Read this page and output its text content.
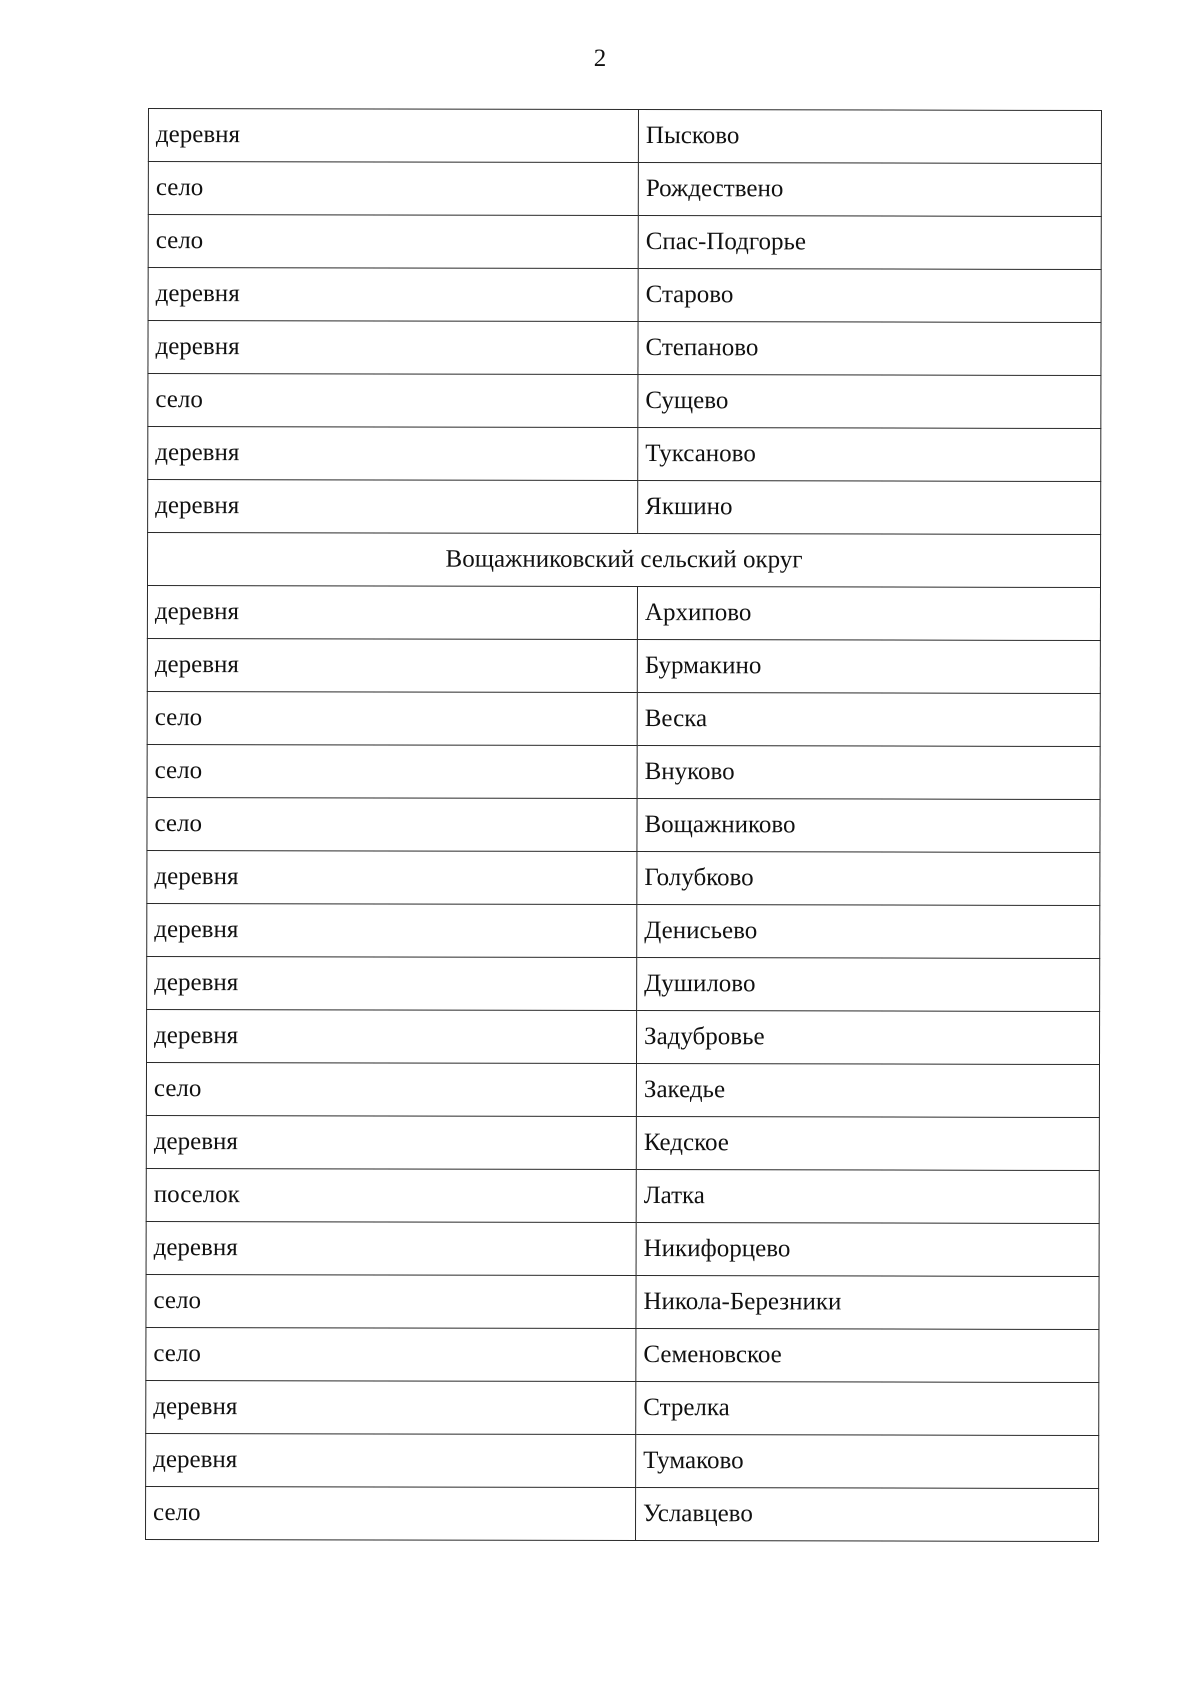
2
деревня	Пысково
село	Рождествено
село	Спас-Подгорье
деревня	Старово
деревня	Степаново
село	Сущево
деревня	Туксаново
деревня	Якшино
Вощажниковский сельский округ	
деревня	Архипово
деревня	Бурмакино
село	Веска
село	Внуково
село	Вощажниково
деревня	Голубково
деревня	Денисьево
деревня	Душилово
деревня	Задубровье
село	Закедье
деревня	Кедское
поселок	Латка
деревня	Никифорцево
село	Никола-Березники
село	Семеновское
деревня	Стрелка
деревня	Тумаково
село	Уславцево
